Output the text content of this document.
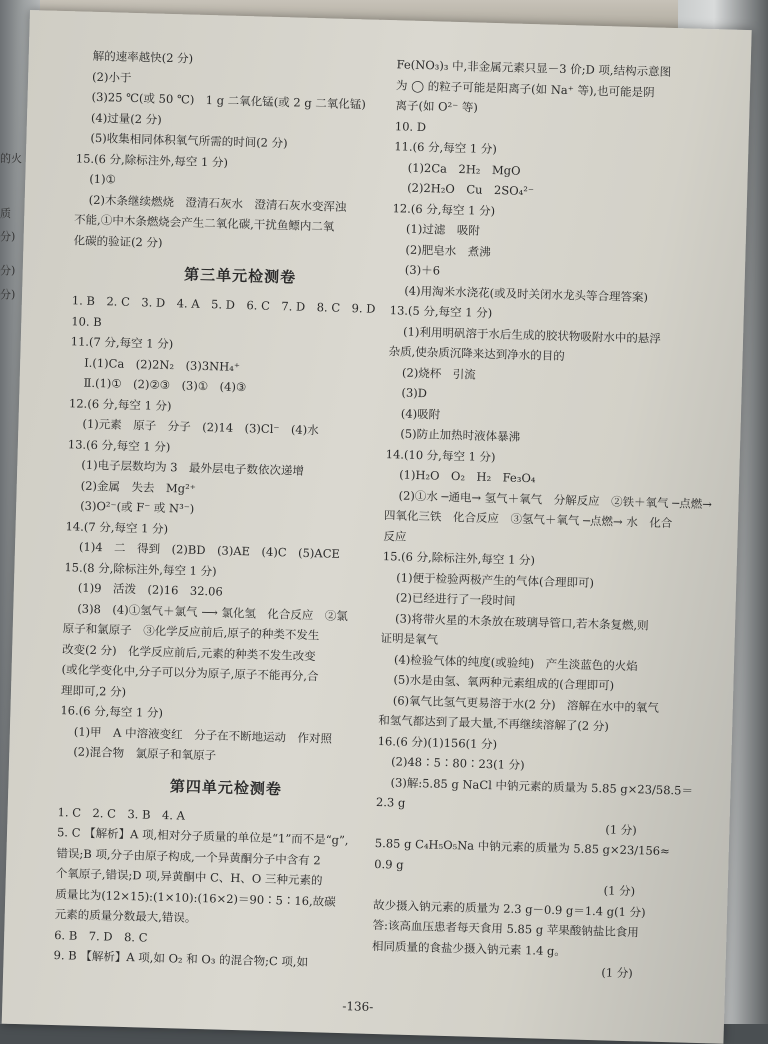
解的速率越快(2 分)
(2)小于
(3)25 ℃(或 50 ℃)　1 g 二氧化锰(或 2 g 二氧化锰)
(4)过量(2 分)
(5)收集相同体积氧气所需的时间(2 分)
15.(6 分,除标注外,每空 1 分)
(1)①
(2)木条继续燃烧　澄清石灰水　澄清石灰水变浑浊
不能,①中木条燃烧会产生二氧化碳,干扰鱼鳔内二氧
化碳的验证(2 分)
第三单元检测卷
1. B　2. C　3. D　4. A　5. D　6. C　7. D　8. C　9. D
10. B
11.(7 分,每空 1 分)
Ⅰ.(1)Ca　(2)2N₂　(3)3NH₄⁺
Ⅱ.(1)①　(2)②③　(3)①　(4)③
12.(6 分,每空 1 分)
(1)元素　原子　分子　(2)14　(3)Cl⁻　(4)水
13.(6 分,每空 1 分)
(1)电子层数均为 3　最外层电子数依次递增
(2)金属　失去　Mg²⁺
(3)O²⁻(或 F⁻ 或 N³⁻)
14.(7 分,每空 1 分)
(1)4　二　得到　(2)BD　(3)AE　(4)C　(5)ACE
15.(8 分,除标注外,每空 1 分)
(1)9　活泼　(2)16　32.06
(3)8　(4)①氢气＋氯气 ⟶ 氯化氢　化合反应　②氯
原子和氯原子　③化学反应前后,原子的种类不发生
改变(2 分)　化学反应前后,元素的种类不发生改变
(或化学变化中,分子可以分为原子,原子不能再分,合
理即可,2 分)
16.(6 分,每空 1 分)
(1)甲　A 中溶液变红　分子在不断地运动　作对照
(2)混合物　氯原子和氧原子
第四单元检测卷
1. C　2. C　3. B　4. A
5. C 【解析】A 项,相对分子质量的单位是“1”而不是“g”,
错误;B 项,分子由原子构成,一个异黄酮分子中含有 2
个氧原子,错误;D 项,异黄酮中 C、H、O 三种元素的
质量比为(12×15):(1×10):(16×2)＝90∶5∶16,故碳
元素的质量分数最大,错误。
6. B　7. D　8. C
9. B 【解析】A 项,如 O₂ 和 O₃ 的混合物;C 项,如
Fe(NO₃)₃ 中,非金属元素只显－3 价;D 项,结构示意图
为 ◯ 的粒子可能是阳离子(如 Na⁺ 等),也可能是阴
离子(如 O²⁻ 等)
10. D
11.(6 分,每空 1 分)
(1)2Ca　2H₂　MgO
(2)2H₂O　Cu　2SO₄²⁻
12.(6 分,每空 1 分)
(1)过滤　吸附
(2)肥皂水　煮沸
(3)＋6
(4)用淘米水浇花(或及时关闭水龙头等合理答案)
13.(5 分,每空 1 分)
(1)利用明矾溶于水后生成的胶状物吸附水中的悬浮
杂质,使杂质沉降来达到净水的目的
(2)烧杯　引流
(3)D
(4)吸附
(5)防止加热时液体暴沸
14.(10 分,每空 1 分)
(1)H₂O　O₂　H₂　Fe₃O₄
(2)①水 ─通电→ 氢气＋氧气　分解反应　②铁＋氧气 ─点燃→
四氧化三铁　化合反应　③氢气＋氧气 ─点燃→ 水　化合
反应
15.(6 分,除标注外,每空 1 分)
(1)便于检验两极产生的气体(合理即可)
(2)已经进行了一段时间
(3)将带火星的木条放在玻璃导管口,若木条复燃,则
证明是氧气
(4)检验气体的纯度(或验纯)　产生淡蓝色的火焰
(5)水是由氢、氧两种元素组成的(合理即可)
(6)氧气比氢气更易溶于水(2 分)　溶解在水中的氧气
和氢气都达到了最大量,不再继续溶解了(2 分)
16.(6 分)(1)156(1 分)
(2)48∶5∶80∶23(1 分)
(3)解:5.85 g NaCl 中钠元素的质量为 5.85 g×23/58.5＝
2.3 g
　　　　　　　　　　　　　　　　　　　　(1 分)
5.85 g C₄H₅O₅Na 中钠元素的质量为 5.85 g×23/156≈
0.9 g
　　　　　　　　　　　　　　　　　　　　(1 分)
故少摄入钠元素的质量为 2.3 g－0.9 g＝1.4 g(1 分)
答:该高血压患者每天食用 5.85 g 苹果酸钠盐比食用
相同质量的食盐少摄入钠元素 1.4 g。
　　　　　　　　　　　　　　　　　　　　(1 分)
-136-
的火
质
分)
分)
分)
